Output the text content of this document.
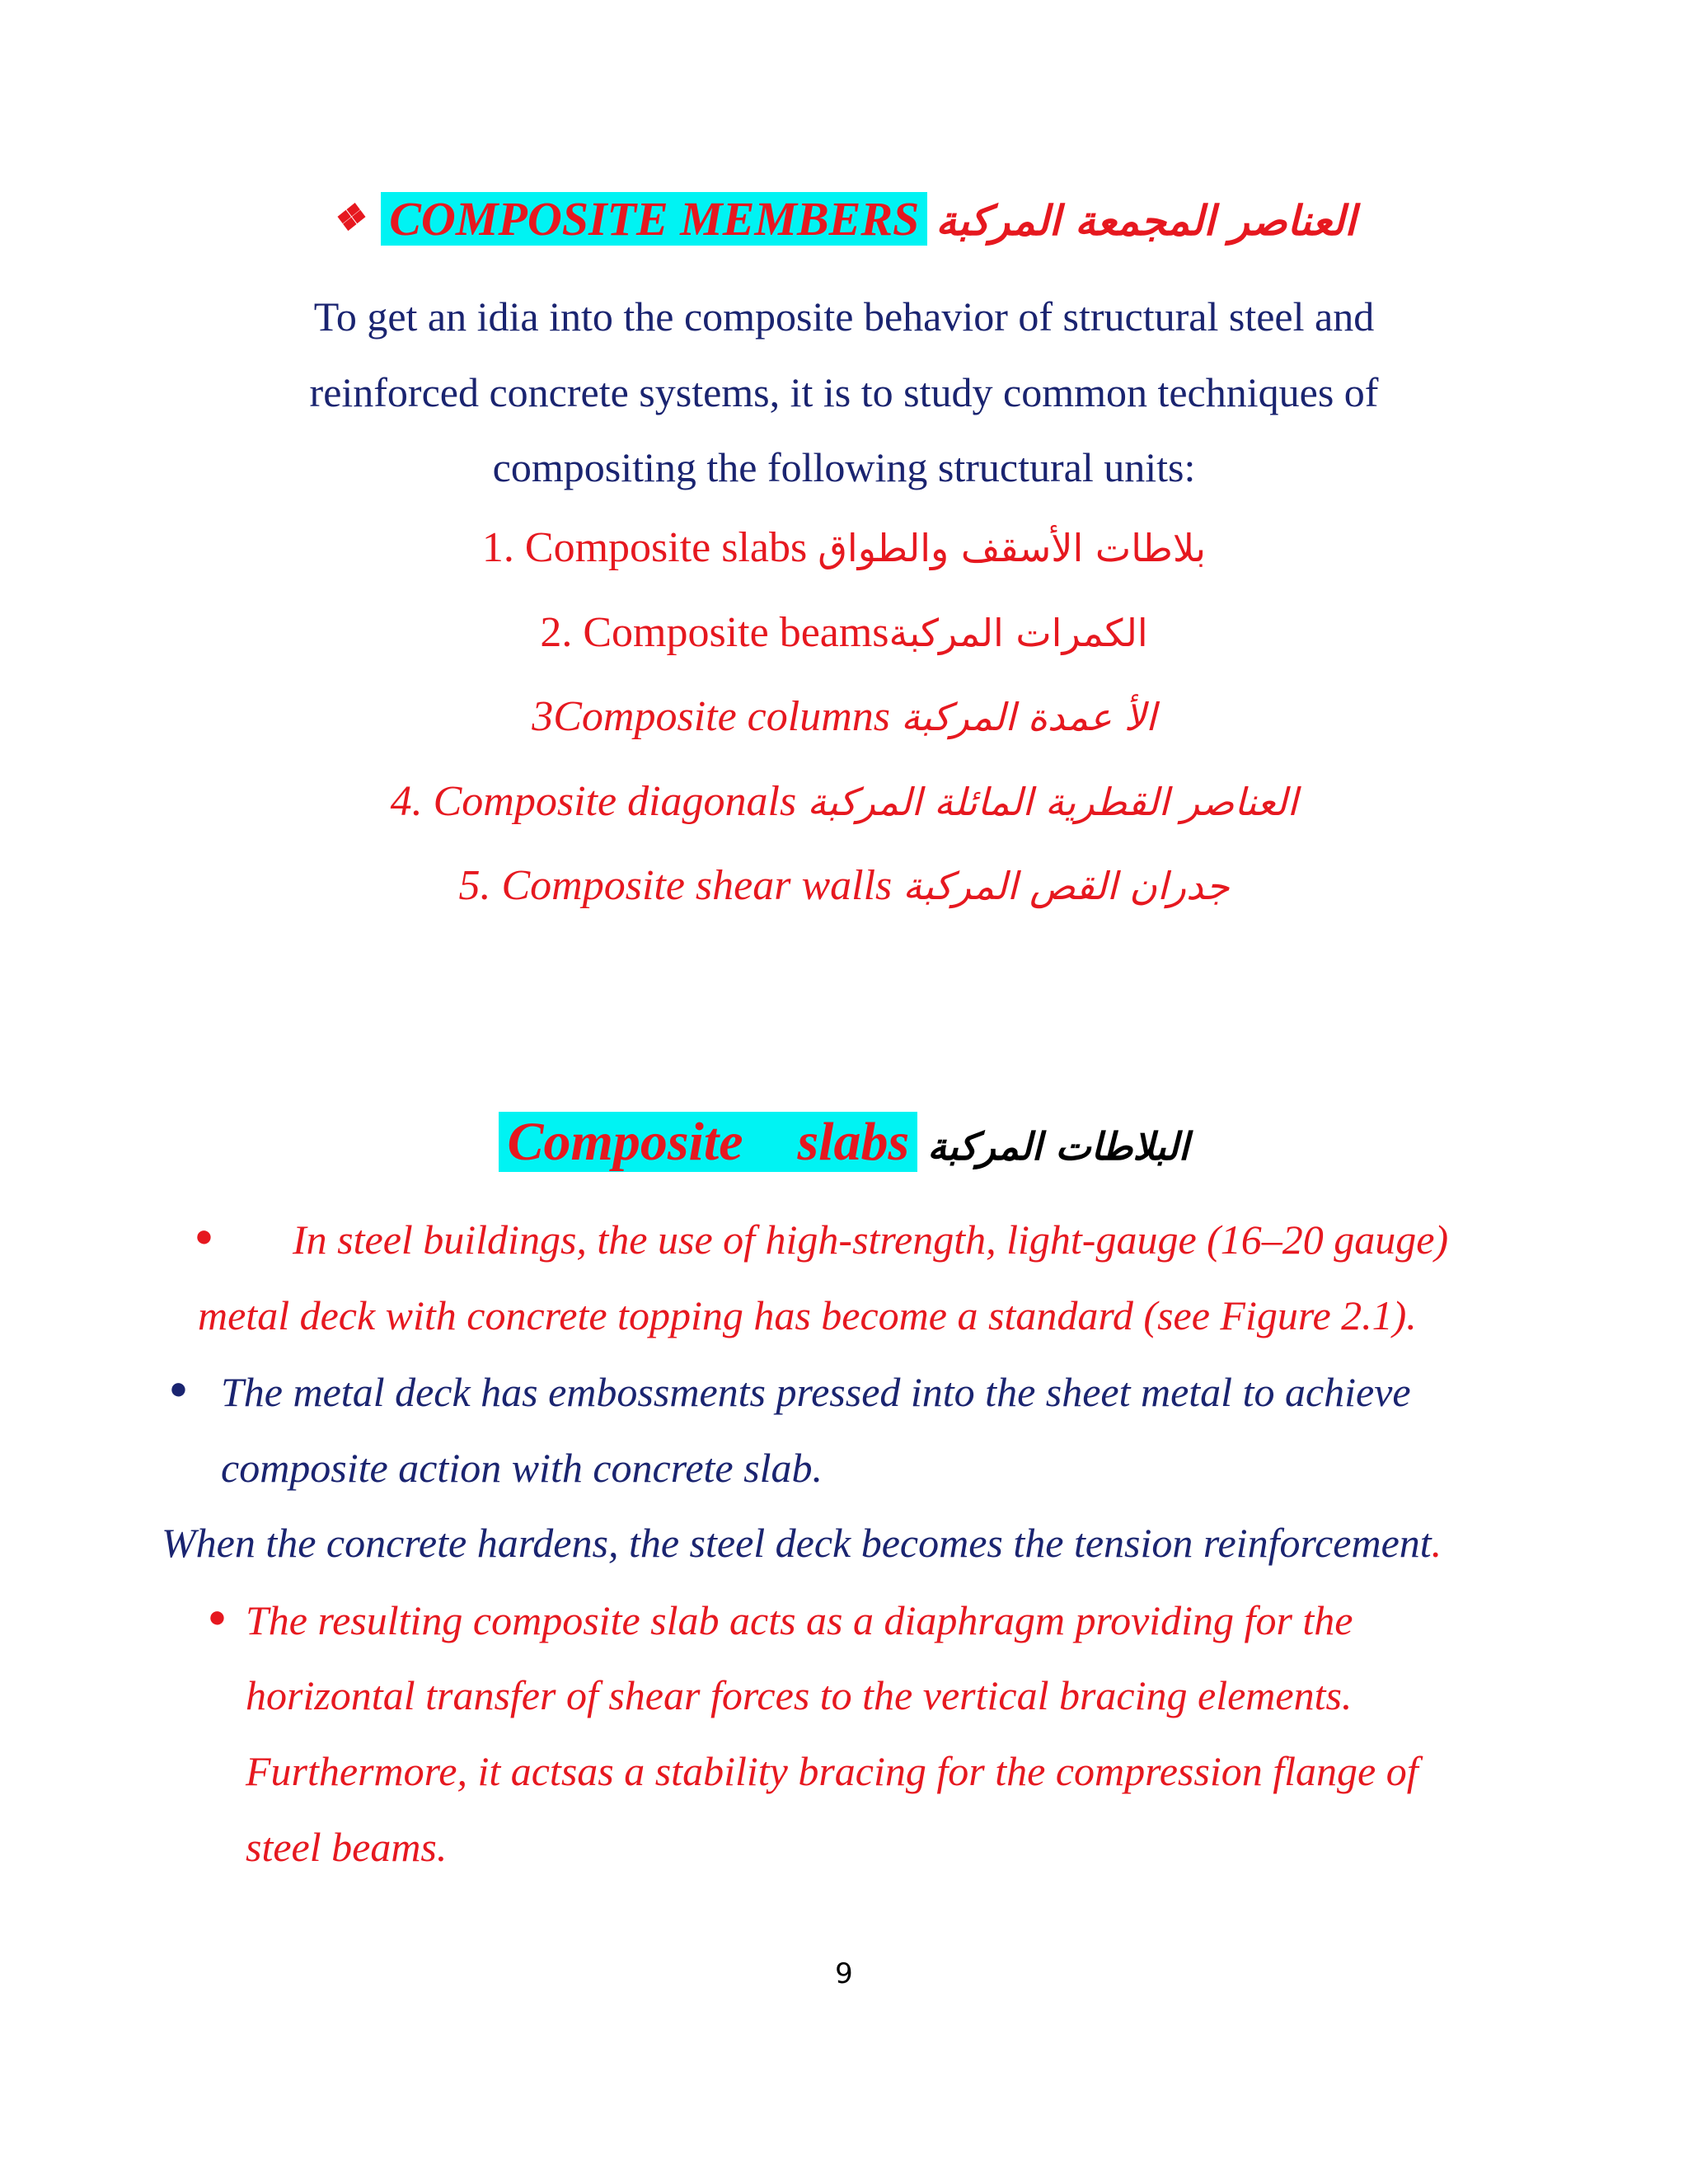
❖ COMPOSITE MEMBERS العناصر المجمعة المركبة
To get an idia into the composite behavior of structural steel and
reinforced concrete systems, it is to study common techniques of
compositing the following structural units:
1. Composite slabs بلاطات الأسقف والطواق
2. Composite beamsالكمرات المركبة
3Composite columns الأ عمدة المركبة
4. Composite diagonals العناصر القطرية المائلة المركبة
5. Composite shear walls جدران القص المركبة
Composite    slabs البلاطات المركبة
● In steel buildings, the use of high-strength, light-gauge (16–20 gauge)
metal deck with concrete topping has become a standard (see Figure 2.1).
● The metal deck has embossments pressed into the sheet metal to achieve
composite action with concrete slab.
When the concrete hardens, the steel deck becomes the tension reinforcement.
● The resulting composite slab acts as a diaphragm providing for the
horizontal transfer of shear forces to the vertical bracing elements.
Furthermore, it actsas a stability bracing for the compression flange of
steel beams.
9
